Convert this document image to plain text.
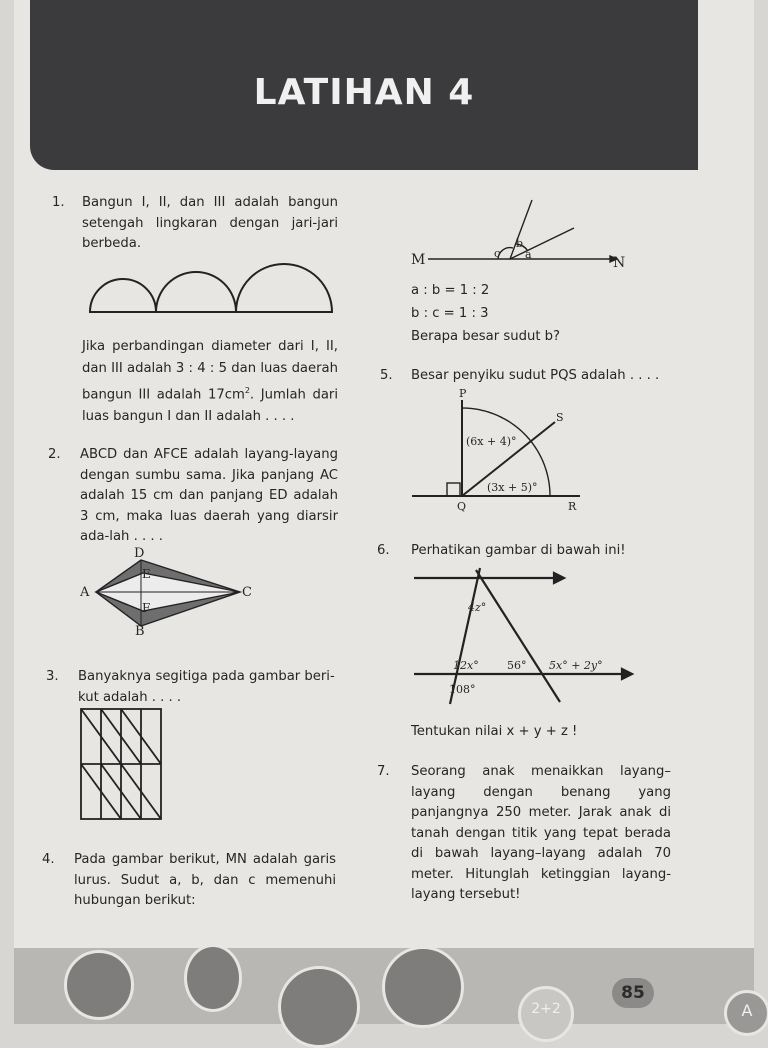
LATIHAN 4
1. Bangun I, II, dan III adalah bangun setengah lingkaran dengan jari-jari berbeda.
Jika perbandingan diameter dari I, II, dan III adalah 3 : 4 : 5 dan luas daerah bangun III adalah $17cm^2$. Jumlah dari luas bangun I dan II adalah . . . .
2. ABCD dan AFCE adalah layang-layang dengan sumbu sama. Jika panjang AC adalah 15 cm dan panjang ED adalah 3 cm, maka luas daerah yang diarsir ada-lah . . . .
D
A	C
E
F
B
3. Banyaknya segitiga pada gambar beri-kut adalah . . . .
4. Pada gambar berikut, MN adalah garis lurus. Sudut a, b, dan c memenuhi hubungan berikut:
M	N
c
b
a
a : b = 1 : 2
b : c = 1 : 3
Berapa besar sudut b?
5. Besar penyiku sudut PQS adalah . . . .
P
S
Q	R
(6x + 4)°
(3x + 5)°
6. Perhatikan gambar di bawah ini!
4z°
12x°	56° 5x° + 2y°
108°
Tentukan nilai x + y + z !
7. Seorang anak menaikkan layang–layang dengan benang yang panjangnya 250 meter. Jarak anak di tanah dengan titik yang tepat berada di bawah layang–layang adalah 70 meter. Hitunglah ketinggian layang-layang tersebut!
2+2
85
A
